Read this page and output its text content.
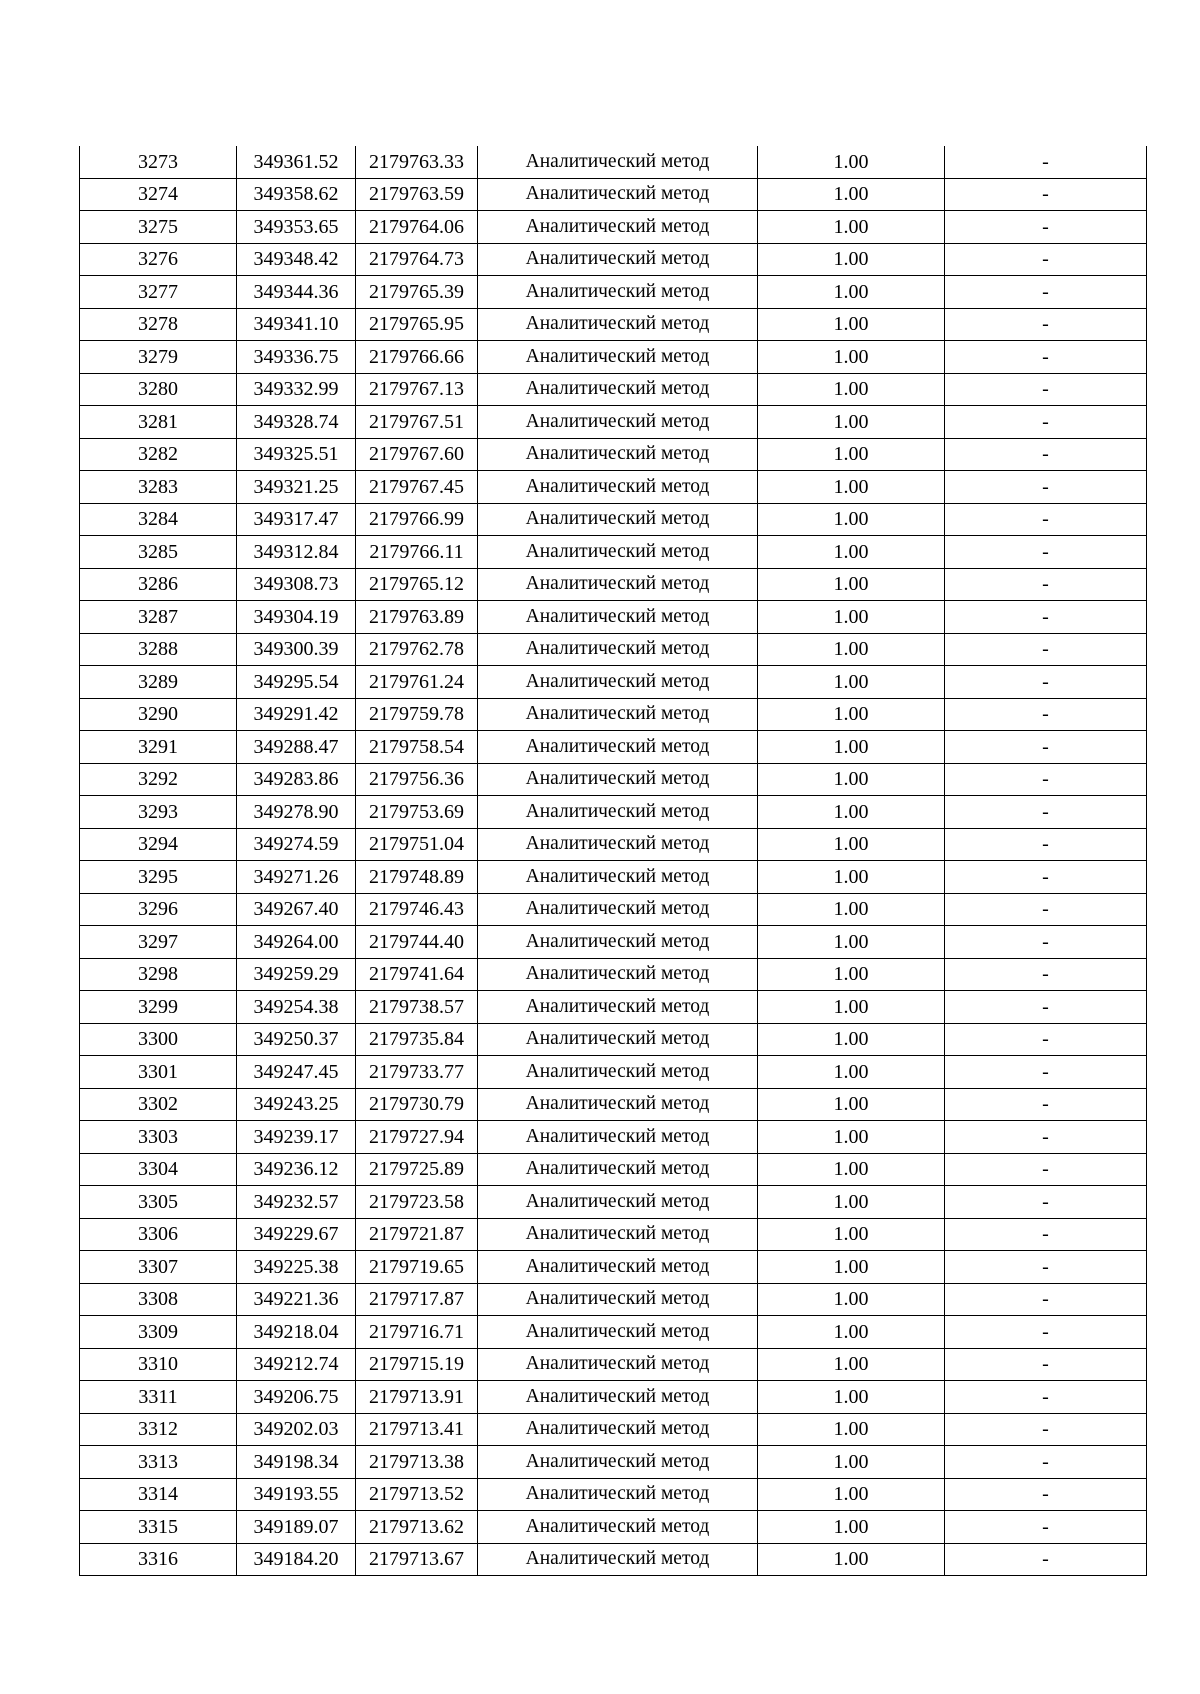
3273	349361.52	2179763.33	Аналитический метод	1.00	-
3274	349358.62	2179763.59	Аналитический метод	1.00	-
3275	349353.65	2179764.06	Аналитический метод	1.00	-
3276	349348.42	2179764.73	Аналитический метод	1.00	-
3277	349344.36	2179765.39	Аналитический метод	1.00	-
3278	349341.10	2179765.95	Аналитический метод	1.00	-
3279	349336.75	2179766.66	Аналитический метод	1.00	-
3280	349332.99	2179767.13	Аналитический метод	1.00	-
3281	349328.74	2179767.51	Аналитический метод	1.00	-
3282	349325.51	2179767.60	Аналитический метод	1.00	-
3283	349321.25	2179767.45	Аналитический метод	1.00	-
3284	349317.47	2179766.99	Аналитический метод	1.00	-
3285	349312.84	2179766.11	Аналитический метод	1.00	-
3286	349308.73	2179765.12	Аналитический метод	1.00	-
3287	349304.19	2179763.89	Аналитический метод	1.00	-
3288	349300.39	2179762.78	Аналитический метод	1.00	-
3289	349295.54	2179761.24	Аналитический метод	1.00	-
3290	349291.42	2179759.78	Аналитический метод	1.00	-
3291	349288.47	2179758.54	Аналитический метод	1.00	-
3292	349283.86	2179756.36	Аналитический метод	1.00	-
3293	349278.90	2179753.69	Аналитический метод	1.00	-
3294	349274.59	2179751.04	Аналитический метод	1.00	-
3295	349271.26	2179748.89	Аналитический метод	1.00	-
3296	349267.40	2179746.43	Аналитический метод	1.00	-
3297	349264.00	2179744.40	Аналитический метод	1.00	-
3298	349259.29	2179741.64	Аналитический метод	1.00	-
3299	349254.38	2179738.57	Аналитический метод	1.00	-
3300	349250.37	2179735.84	Аналитический метод	1.00	-
3301	349247.45	2179733.77	Аналитический метод	1.00	-
3302	349243.25	2179730.79	Аналитический метод	1.00	-
3303	349239.17	2179727.94	Аналитический метод	1.00	-
3304	349236.12	2179725.89	Аналитический метод	1.00	-
3305	349232.57	2179723.58	Аналитический метод	1.00	-
3306	349229.67	2179721.87	Аналитический метод	1.00	-
3307	349225.38	2179719.65	Аналитический метод	1.00	-
3308	349221.36	2179717.87	Аналитический метод	1.00	-
3309	349218.04	2179716.71	Аналитический метод	1.00	-
3310	349212.74	2179715.19	Аналитический метод	1.00	-
3311	349206.75	2179713.91	Аналитический метод	1.00	-
3312	349202.03	2179713.41	Аналитический метод	1.00	-
3313	349198.34	2179713.38	Аналитический метод	1.00	-
3314	349193.55	2179713.52	Аналитический метод	1.00	-
3315	349189.07	2179713.62	Аналитический метод	1.00	-
3316	349184.20	2179713.67	Аналитический метод	1.00	-
